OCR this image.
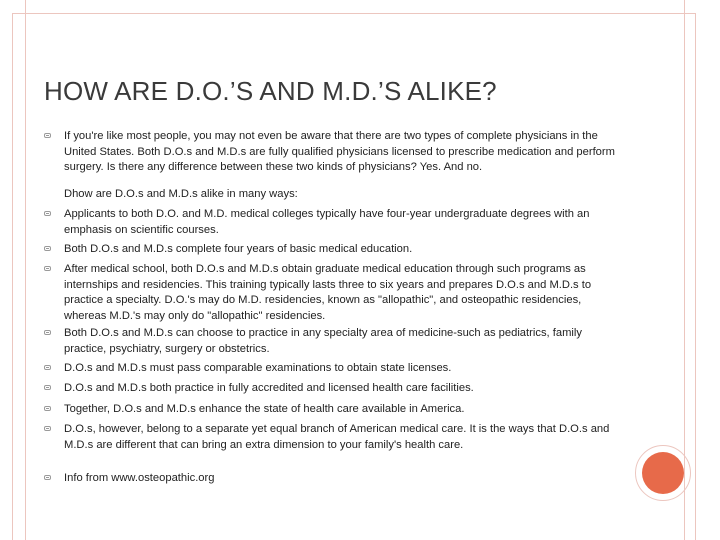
HOW ARE D.O.’S AND M.D.’S ALIKE?
If you're like most people, you may not even be aware that there are two types of complete physicians in the United States. Both D.O.s and M.D.s are fully qualified physicians licensed to prescribe medication and perform surgery. Is there any difference between these two kinds of physicians? Yes. And no.
Dhow are D.O.s and M.D.s alike in many ways:
Applicants to both D.O. and M.D. medical colleges typically have four-year undergraduate degrees with an emphasis on scientific courses.
Both D.O.s and M.D.s complete four years of basic medical education.
After medical school, both D.O.s and M.D.s obtain graduate medical education through such programs as internships and residencies. This training typically lasts three to six years and prepares D.O.s and M.D.s to practice a specialty. D.O.'s may do M.D. residencies, known as "allopathic", and osteopathic residencies, whereas M.D.'s may only do "allopathic" residencies.
Both D.O.s and M.D.s can choose to practice in any specialty area of medicine-such as pediatrics, family practice, psychiatry, surgery or obstetrics.
D.O.s and M.D.s must pass comparable examinations to obtain state licenses.
D.O.s and M.D.s both practice in fully accredited and licensed health care facilities.
Together, D.O.s and M.D.s enhance the state of health care available in America.
D.O.s, however, belong to a separate yet equal branch of American medical care. It is the ways that D.O.s and M.D.s are different that can bring an extra dimension to your family's health care.
Info from www.osteopathic.org
